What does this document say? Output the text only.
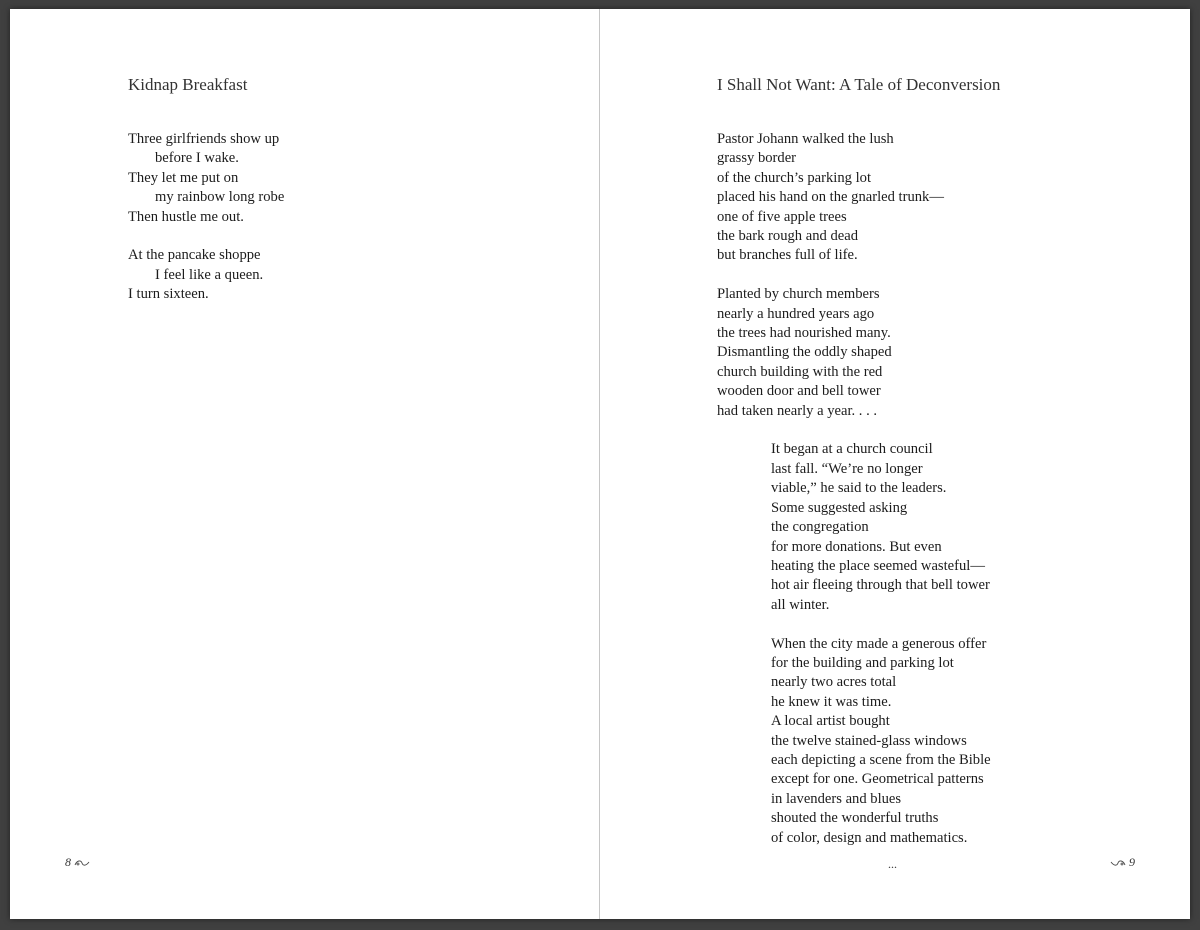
Kidnap Breakfast
Three girlfriends show up
before I wake.
They let me put on
my rainbow long robe
Then hustle me out.
At the pancake shoppe
I feel like a queen.
I turn sixteen.
8
I Shall Not Want: A Tale of Deconversion
Pastor Johann walked the lush
grassy border
of the church’s parking lot
placed his hand on the gnarled trunk—
one of five apple trees
the bark rough and dead
but branches full of life.
Planted by church members
nearly a hundred years ago
the trees had nourished many.
Dismantling the oddly shaped
church building with the red
wooden door and bell tower
had taken nearly a year. . . .
It began at a church council
last fall. “We’re no longer
viable,” he said to the leaders.
Some suggested asking
the congregation
for more donations. But even
heating the place seemed wasteful—
hot air fleeing through that bell tower
all winter.
When the city made a generous offer
for the building and parking lot
nearly two acres total
he knew it was time.
A local artist bought
the twelve stained-glass windows
each depicting a scene from the Bible
except for one. Geometrical patterns
in lavenders and blues
shouted the wonderful truths
of color, design and mathematics.
...	9
